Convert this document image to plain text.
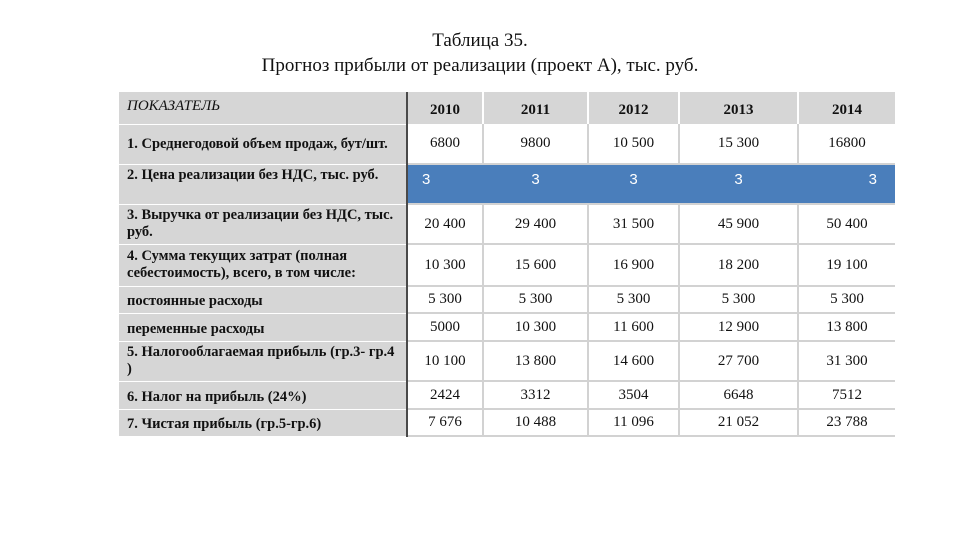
Таблица 35.
Прогноз прибыли от реализации (проект А), тыс. руб.
ПОКАЗАТЕЛЬ	2010	2011	2012	2013	2014
1. Среднегодовой объем продаж, бут/шт.	6800	9800	10 500	15 300	16800
2. Цена реализации без НДС, тыс. руб.	3	3	3	3	3
3. Выручка от реализации без НДС, тыс. руб.	20 400	29 400	31 500	45 900	50 400
4. Сумма текущих затрат (полная себестоимость), всего, в том числе:	10 300	15 600	16 900	18 200	19 100
постоянные расходы	5 300	5 300	5 300	5 300	5 300
переменные расходы	5000	10 300	11 600	12 900	13 800
5. Налогооблагаемая прибыль (гр.3- гр.4 )	10 100	13 800	14 600	27 700	31 300
6. Налог на прибыль (24%)	2424	3312	3504	6648	7512
7. Чистая прибыль (гр.5-гр.6)	7 676	10 488	11 096	21 052	23 788
